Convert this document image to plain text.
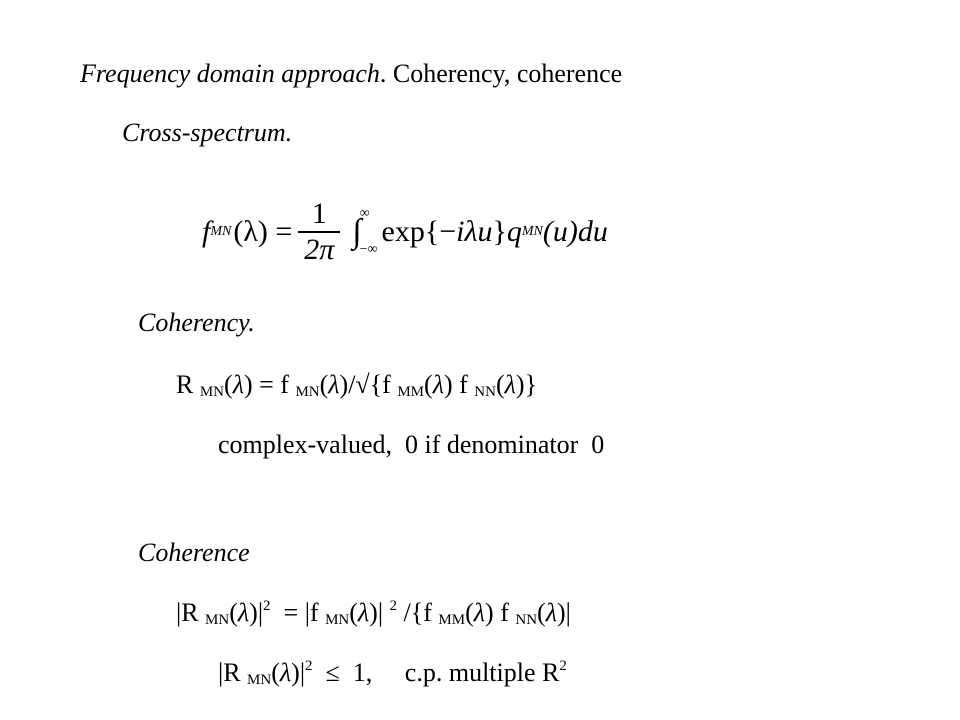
Frequency domain approach. Coherency, coherence
Cross-spectrum.
f MN $(\lambda) = \frac{1}{2\pi}$ ∫
∞
−∞
exp{− iλu } q MN (u)du
Coherency.
R $_{MN}$(λ) = f $_{MN}$(λ)/√{f $_{MM}$(λ) f $_{NN}$(λ)}
complex-valued,  0 if denominator  0
Coherence
|R $_{MN}(\lambda)|^2 = |f$ $_{MN}$(λ)| $^2$ /{f $_{MM}$(λ) f $_{NN}$(λ)|
|R $_{MN}(\lambda)|^2 \le 1$,     c.p. multiple $R^2$
